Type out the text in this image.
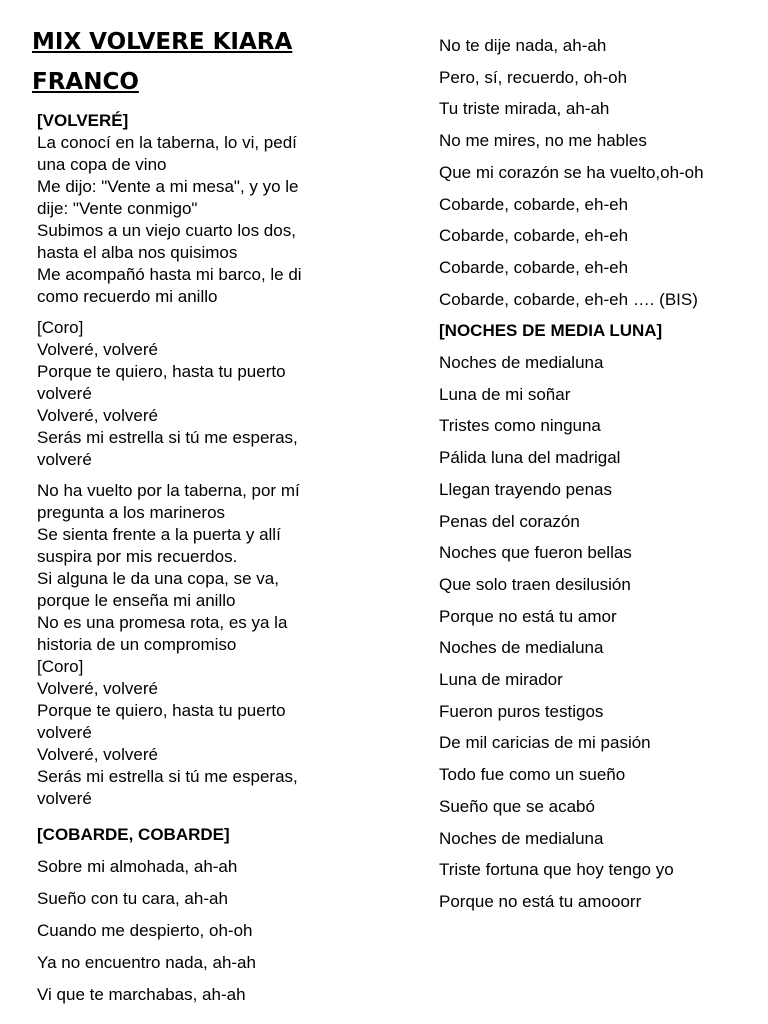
MIX VOLVERE KIARA
FRANCO
[VOLVERÉ]
La conocí en la taberna, lo vi, pedí
una copa de vino
Me dijo: "Vente a mi mesa", y yo le
dije: "Vente conmigo"
Subimos a un viejo cuarto los dos,
hasta el alba nos quisimos
Me acompañó hasta mi barco, le di
como recuerdo mi anillo
[Coro]
Volveré, volveré
Porque te quiero, hasta tu puerto
volveré
Volveré, volveré
Serás mi estrella si tú me esperas,
volveré
No ha vuelto por la taberna, por mí
pregunta a los marineros
Se sienta frente a la puerta y allí
suspira por mis recuerdos.
Si alguna le da una copa, se va,
porque le enseña mi anillo
No es una promesa rota, es ya la
historia de un compromiso
[Coro]
Volveré, volveré
Porque te quiero, hasta tu puerto
volveré
Volveré, volveré
Serás mi estrella si tú me esperas,
volveré
[COBARDE, COBARDE]
Sobre mi almohada, ah-ah
Sueño con tu cara, ah-ah
Cuando me despierto, oh-oh
Ya no encuentro nada, ah-ah
Vi que te marchabas, ah-ah
No te dije nada, ah-ah
Pero, sí, recuerdo, oh-oh
Tu triste mirada, ah-ah
No me mires, no me hables
Que mi corazón se ha vuelto,oh-oh
Cobarde, cobarde, eh-eh
Cobarde, cobarde, eh-eh
Cobarde, cobarde, eh-eh
Cobarde, cobarde, eh-eh …. (BIS)
[NOCHES DE MEDIA LUNA]
Noches de medialuna
Luna de mi soñar
Tristes como ninguna
Pálida luna del madrigal
Llegan trayendo penas
Penas del corazón
Noches que fueron bellas
Que solo traen desilusión
Porque no está tu amor
Noches de medialuna
Luna de mirador
Fueron puros testigos
De mil caricias de mi pasión
Todo fue como un sueño
Sueño que se acabó
Noches de medialuna
Triste fortuna que hoy tengo yo
Porque no está tu amooorr
